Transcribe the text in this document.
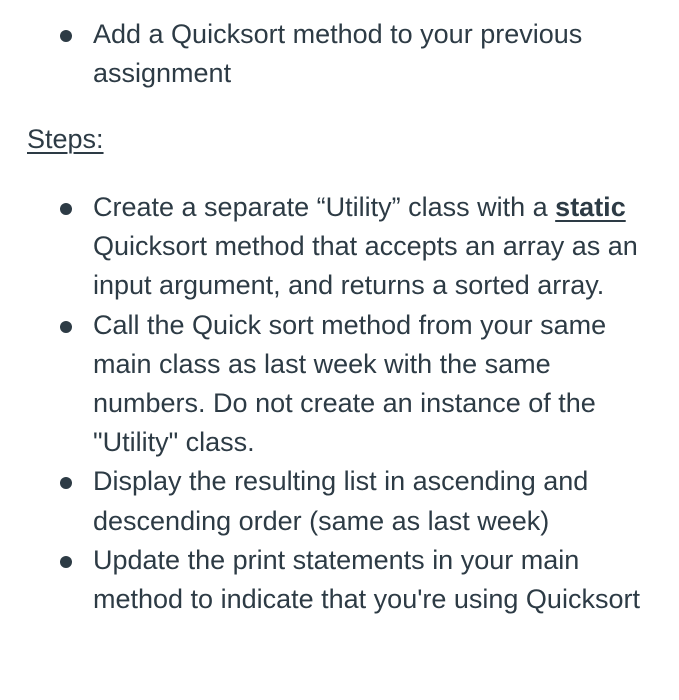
Add a Quicksort method to your previous assignment
Steps:
Create a separate “Utility” class with a static Quicksort method that accepts an array as an input argument, and returns a sorted array.
Call the Quick sort method from your same main class as last week with the same numbers. Do not create an instance of the "Utility" class.
Display the resulting list in ascending and descending order (same as last week)
Update the print statements in your main method to indicate that you're using Quicksort
